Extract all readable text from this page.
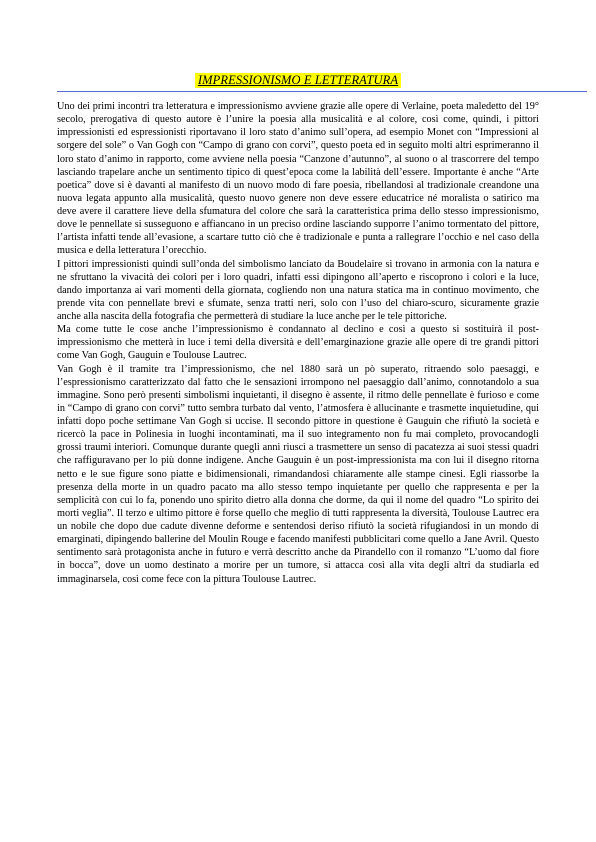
IMPRESSIONISMO E LETTERATURA

Uno dei primi incontri tra letteratura e impressionismo avviene grazie alle opere di Verlaine, poeta maledetto del 19° secolo, prerogativa di questo autore è l’unire la poesia alla musicalità e al colore, così come, quindi, i pittori impressionisti ed espressionisti riportavano il loro stato d’animo sull’opera, ad esempio Monet con “Impressioni al sorgere del sole” o Van Gogh con “Campo di grano con corvi”, questo poeta ed in seguito molti altri esprimeranno il loro stato d’animo in rapporto, come avviene nella poesia “Canzone d’autunno”, al suono o al trascorrere del tempo lasciando trapelare anche un sentimento tipico di quest’epoca come la labilità dell’essere. Importante è anche “Arte poetica” dove si è davanti al manifesto di un nuovo modo di fare poesia, ribellandosi al tradizionale creandone una nuova legata appunto alla musicalità, questo nuovo genere non deve essere educatrice né moralista o satirico ma deve avere il carattere lieve della sfumatura del colore che sarà la caratteristica prima dello stesso impressionismo, dove le pennellate si susseguono e affiancano in un preciso ordine lasciando supporre l’animo tormentato del pittore, l’artista infatti tende all’evasione, a scartare tutto ciò che è tradizionale e punta a rallegrare l’occhio e nel caso della musica e della letteratura l’orecchio.

I pittori impressionisti quindi sull’onda del simbolismo lanciato da Boudelaire si trovano in armonia con la natura e ne sfruttano la vivacità dei colori per i loro quadri, infatti essi dipingono all’aperto e riscoprono i colori e la luce, dando importanza ai vari momenti della giornata, cogliendo non una natura statica ma in continuo movimento, che prende vita con pennellate brevi e sfumate, senza tratti neri, solo con l’uso del chiaro-scuro, sicuramente grazie anche alla nascita della fotografia che permetterà di studiare la luce anche per le tele pittoriche.

Ma come tutte le cose anche l’impressionismo è condannato al declino e così a questo si sostituirà il post-impressionismo che metterà in luce i temi della diversità e dell’emarginazione grazie alle opere di tre grandi pittori come Van Gogh, Gauguin e Toulouse Lautrec.

Van Gogh è il tramite tra l’impressionismo, che nel 1880 sarà un pò superato, ritraendo solo paesaggi, e l’espressionismo caratterizzato dal fatto che le sensazioni irrompono nel paesaggio dall’animo, connotandolo a sua immagine. Sono però presenti simbolismi inquietanti, il disegno è assente, il ritmo delle pennellate è furioso e come in “Campo di grano con corvi” tutto sembra turbato dal vento, l’atmosfera è allucinante e trasmette inquietudine, qui infatti dopo poche settimane Van Gogh si uccise. Il secondo pittore in questione è Gauguin che rifiutò la società e ricercò la pace in Polinesia in luoghi incontaminati, ma il suo integramento non fu mai completo, provocandogli grossi traumi interiori. Comunque durante quegli anni riuscì a trasmettere un senso di pacatezza ai suoi stessi quadri che raffiguravano per lo più donne indigene. Anche Gauguin è un post-impressionista ma con lui il disegno ritorna netto e le sue figure sono piatte e bidimensionali, rimandandosi chiaramente alle stampe cinesi. Egli riassorbe la presenza della morte in un quadro pacato ma allo stesso tempo inquietante per quello che rappresenta e per la semplicità con cui lo fa, ponendo uno spirito dietro alla donna che dorme, da qui il nome del quadro “Lo spirito dei morti veglia”. Il terzo e ultimo pittore è forse quello che meglio di tutti rappresenta la diversità, Toulouse Lautrec era un nobile che dopo due cadute divenne deforme e sentendosi deriso rifiutò la società rifugiandosi in un mondo di emarginati, dipingendo ballerine del Moulin Rouge e facendo manifesti pubblicitari come quello a Jane Avril. Questo sentimento sarà protagonista anche in futuro e verrà descritto anche da Pirandello con il romanzo “L’uomo dal fiore in bocca”, dove un uomo destinato a morire per un tumore, si attacca così alla vita degli altri da studiarla ed immaginarsela, così come fece con la pittura Toulouse Lautrec.
